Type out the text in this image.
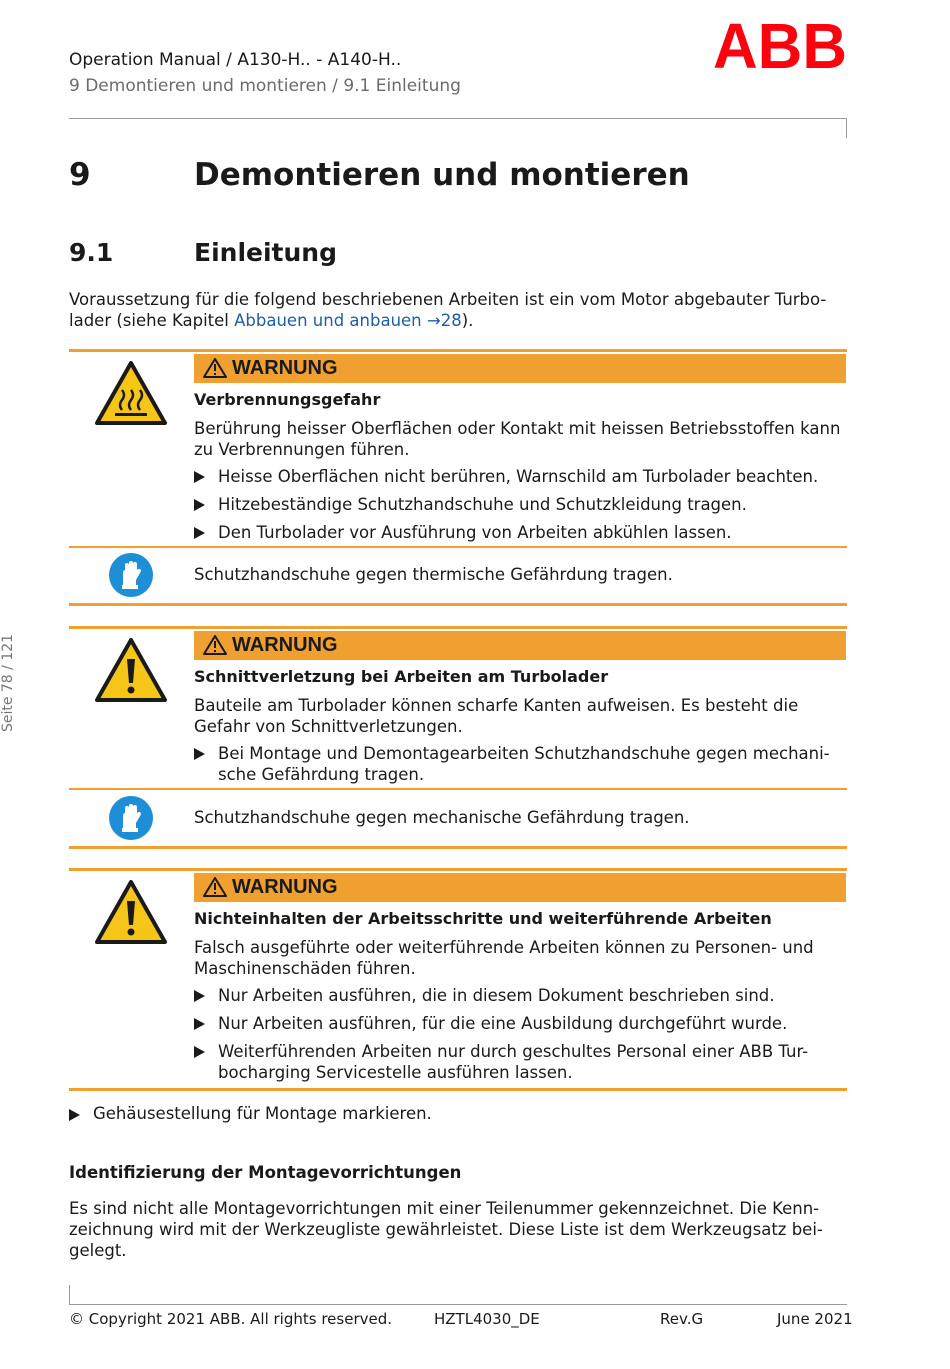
Operation Manual / A130-H.. - A140-H..
9 Demontieren und montieren / 9.1 Einleitung
ABB
Seite 78 / 121
9	Demontieren und montieren
9.1	Einleitung
Voraussetzung für die folgend beschriebenen Arbeiten ist ein vom Motor abgebauter Turbo-lader (siehe Kapitel Abbauen und anbauen →28).
WARNUNG
Verbrennungsgefahr
Berührung heisser Oberflächen oder Kontakt mit heissen Betriebsstoffen kann zu Verbrennungen führen.
Heisse Oberflächen nicht berühren, Warnschild am Turbolader beachten.
Hitzebeständige Schutzhandschuhe und Schutzkleidung tragen.
Den Turbolader vor Ausführung von Arbeiten abkühlen lassen.
Schutzhandschuhe gegen thermische Gefährdung tragen.
WARNUNG
Schnittverletzung bei Arbeiten am Turbolader
Bauteile am Turbolader können scharfe Kanten aufweisen. Es besteht die Gefahr von Schnittverletzungen.
Bei Montage und Demontagearbeiten Schutzhandschuhe gegen mechani-sche Gefährdung tragen.
Schutzhandschuhe gegen mechanische Gefährdung tragen.
WARNUNG
Nichteinhalten der Arbeitsschritte und weiterführende Arbeiten
Falsch ausgeführte oder weiterführende Arbeiten können zu Personen- und Maschinenschäden führen.
Nur Arbeiten ausführen, die in diesem Dokument beschrieben sind.
Nur Arbeiten ausführen, für die eine Ausbildung durchgeführt wurde.
Weiterführenden Arbeiten nur durch geschultes Personal einer ABB Tur-bocharging Servicestelle ausführen lassen.
Gehäusestellung für Montage markieren.
Identifizierung der Montagevorrichtungen
Es sind nicht alle Montagevorrichtungen mit einer Teilenummer gekennzeichnet. Die Kenn-zeichnung wird mit der Werkzeugliste gewährleistet. Diese Liste ist dem Werkzeugsatz bei-gelegt.
© Copyright 2021 ABB. All rights reserved.	HZTL4030_DE	Rev.G	June 2021
